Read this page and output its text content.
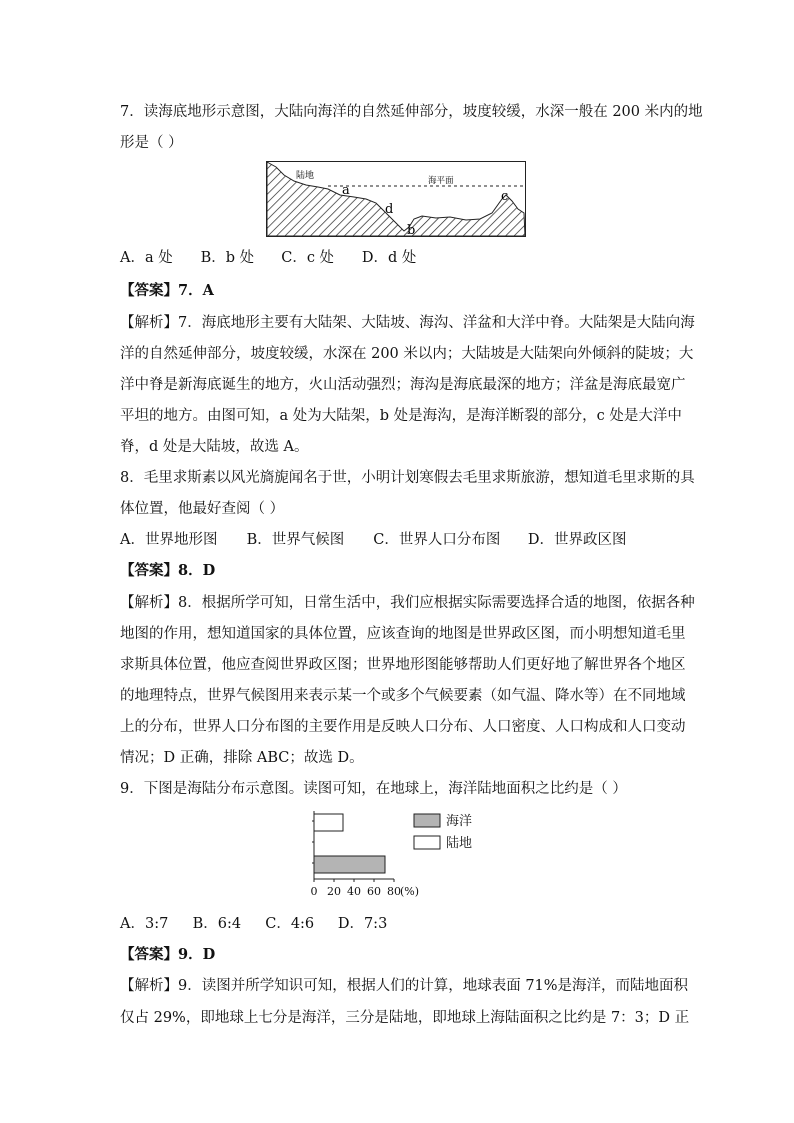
7．读海底地形示意图，大陆向海洋的自然延伸部分，坡度较缓，水深一般在 200 米内的地
形是（ ）
陆地	海平面
a
d
b
c
A．a 处 B．b 处 C．c 处 D．d 处
【答案】7．A
【解析】7．海底地形主要有大陆架、大陆坡、海沟、洋盆和大洋中脊。大陆架是大陆向海
洋的自然延伸部分，坡度较缓，水深在 200 米以内；大陆坡是大陆架向外倾斜的陡坡；大
洋中脊是新海底诞生的地方，火山活动强烈；海沟是海底最深的地方；洋盆是海底最宽广
平坦的地方。由图可知，a 处为大陆架，b 处是海沟，是海洋断裂的部分，c 处是大洋中
脊，d 处是大陆坡，故选 A。
8．毛里求斯素以风光旖旎闻名于世，小明计划寒假去毛里求斯旅游，想知道毛里求斯的具
体位置，他最好查阅（ ）
A．世界地形图 B．世界气候图 C．世界人口分布图 D．世界政区图
【答案】8．D
【解析】8．根据所学可知，日常生活中，我们应根据实际需要选择合适的地图，依据各种
地图的作用，想知道国家的具体位置，应该查询的地图是世界政区图，而小明想知道毛里
求斯具体位置，他应查阅世界政区图；世界地形图能够帮助人们更好地了解世界各个地区
的地理特点，世界气候图用来表示某一个或多个气候要素（如气温、降水等）在不同地域
上的分布，世界人口分布图的主要作用是反映人口分布、人口密度、人口构成和人口变动
情况；D 正确，排除 ABC；故选 D。
9．下图是海陆分布示意图。读图可知，在地球上，海洋陆地面积之比约是（ ）
0 20 40 60 80 (%)
海洋
陆地
A．3:7 B．6:4 C．4:6 D．7:3
【答案】9．D
【解析】9．读图并所学知识可知，根据人们的计算，地球表面 71%是海洋，而陆地面积
仅占 29%，即地球上七分是海洋，三分是陆地，即地球上海陆面积之比约是 7：3；D 正
